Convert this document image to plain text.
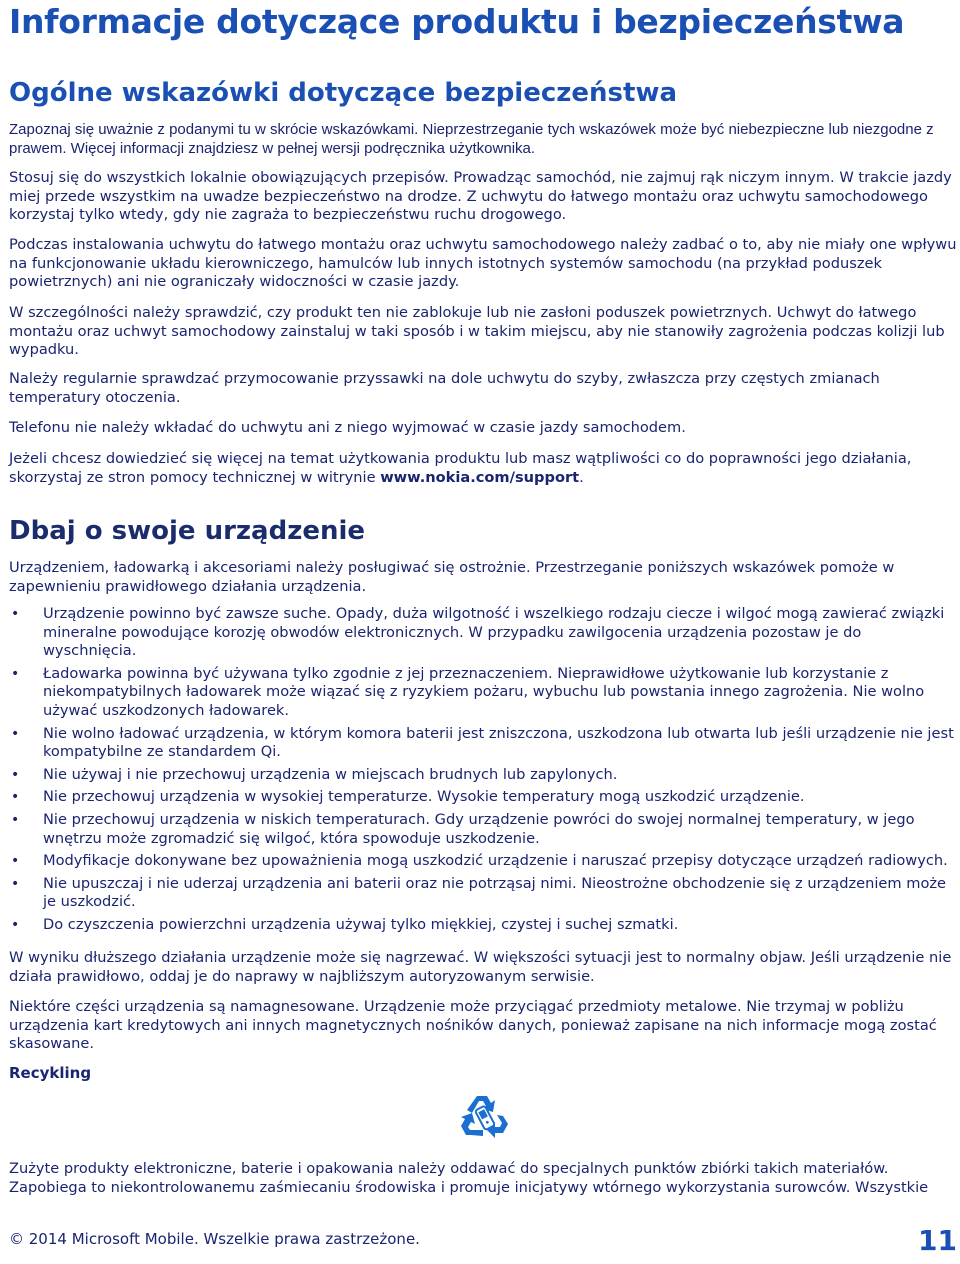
Informacje dotyczące produktu i bezpieczeństwa
Ogólne wskazówki dotyczące bezpieczeństwa

Zapoznaj się uważnie z podanymi tu w skrócie wskazówkami. Nieprzestrzeganie tych wskazówek może być niebezpieczne lub niezgodne z prawem. Więcej informacji znajdziesz w pełnej wersji podręcznika użytkownika.

Stosuj się do wszystkich lokalnie obowiązujących przepisów. Prowadząc samochód, nie zajmuj rąk niczym innym. W trakcie jazdy miej przede wszystkim na uwadze bezpieczeństwo na drodze. Z uchwytu do łatwego montażu oraz uchwytu samochodowego korzystaj tylko wtedy, gdy nie zagraża to bezpieczeństwu ruchu drogowego.

Podczas instalowania uchwytu do łatwego montażu oraz uchwytu samochodowego należy zadbać o to, aby nie miały one wpływu na funkcjonowanie układu kierowniczego, hamulców lub innych istotnych systemów samochodu (na przykład poduszek powietrznych) ani nie ograniczały widoczności w czasie jazdy.

W szczególności należy sprawdzić, czy produkt ten nie zablokuje lub nie zasłoni poduszek powietrznych. Uchwyt do łatwego montażu oraz uchwyt samochodowy zainstaluj w taki sposób i w takim miejscu, aby nie stanowiły zagrożenia podczas kolizji lub wypadku.

Należy regularnie sprawdzać przymocowanie przyssawki na dole uchwytu do szyby, zwłaszcza przy częstych zmianach temperatury otoczenia.

Telefonu nie należy wkładać do uchwytu ani z niego wyjmować w czasie jazdy samochodem.

Jeżeli chcesz dowiedzieć się więcej na temat użytkowania produktu lub masz wątpliwości co do poprawności jego działania, skorzystaj ze stron pomocy technicznej w witrynie www.nokia.com/support.

Dbaj o swoje urządzenie

Urządzeniem, ładowarką i akcesoriami należy posługiwać się ostrożnie. Przestrzeganie poniższych wskazówek pomoże w zapewnieniu prawidłowego działania urządzenia.

• Urządzenie powinno być zawsze suche. Opady, duża wilgotność i wszelkiego rodzaju ciecze i wilgoć mogą zawierać związki mineralne powodujące korozję obwodów elektronicznych. W przypadku zawilgocenia urządzenia pozostaw je do wyschnięcia.
• Ładowarka powinna być używana tylko zgodnie z jej przeznaczeniem. Nieprawidłowe użytkowanie lub korzystanie z niekompatybilnych ładowarek może wiązać się z ryzykiem pożaru, wybuchu lub powstania innego zagrożenia. Nie wolno używać uszkodzonych ładowarek.
• Nie wolno ładować urządzenia, w którym komora baterii jest zniszczona, uszkodzona lub otwarta lub jeśli urządzenie nie jest kompatybilne ze standardem Qi.
• Nie używaj i nie przechowuj urządzenia w miejscach brudnych lub zapylonych.
• Nie przechowuj urządzenia w wysokiej temperaturze. Wysokie temperatury mogą uszkodzić urządzenie.
• Nie przechowuj urządzenia w niskich temperaturach. Gdy urządzenie powróci do swojej normalnej temperatury, w jego wnętrzu może zgromadzić się wilgoć, która spowoduje uszkodzenie.
• Modyfikacje dokonywane bez upoważnienia mogą uszkodzić urządzenie i naruszać przepisy dotyczące urządzeń radiowych.
• Nie upuszczaj i nie uderzaj urządzenia ani baterii oraz nie potrząsaj nimi. Nieostrożne obchodzenie się z urządzeniem może je uszkodzić.
• Do czyszczenia powierzchni urządzenia używaj tylko miękkiej, czystej i suchej szmatki.

W wyniku dłuższego działania urządzenie może się nagrzewać. W większości sytuacji jest to normalny objaw. Jeśli urządzenie nie działa prawidłowo, oddaj je do naprawy w najbliższym autoryzowanym serwisie.

Niektóre części urządzenia są namagnesowane. Urządzenie może przyciągać przedmioty metalowe. Nie trzymaj w pobliżu urządzenia kart kredytowych ani innych magnetycznych nośników danych, ponieważ zapisane na nich informacje mogą zostać skasowane.

Recykling

Zużyte produkty elektroniczne, baterie i opakowania należy oddawać do specjalnych punktów zbiórki takich materiałów. Zapobiega to niekontrolowanemu zaśmiecaniu środowiska i promuje inicjatywy wtórnego wykorzystania surowców. Wszystkie

© 2014 Microsoft Mobile. Wszelkie prawa zastrzeżone.	11
